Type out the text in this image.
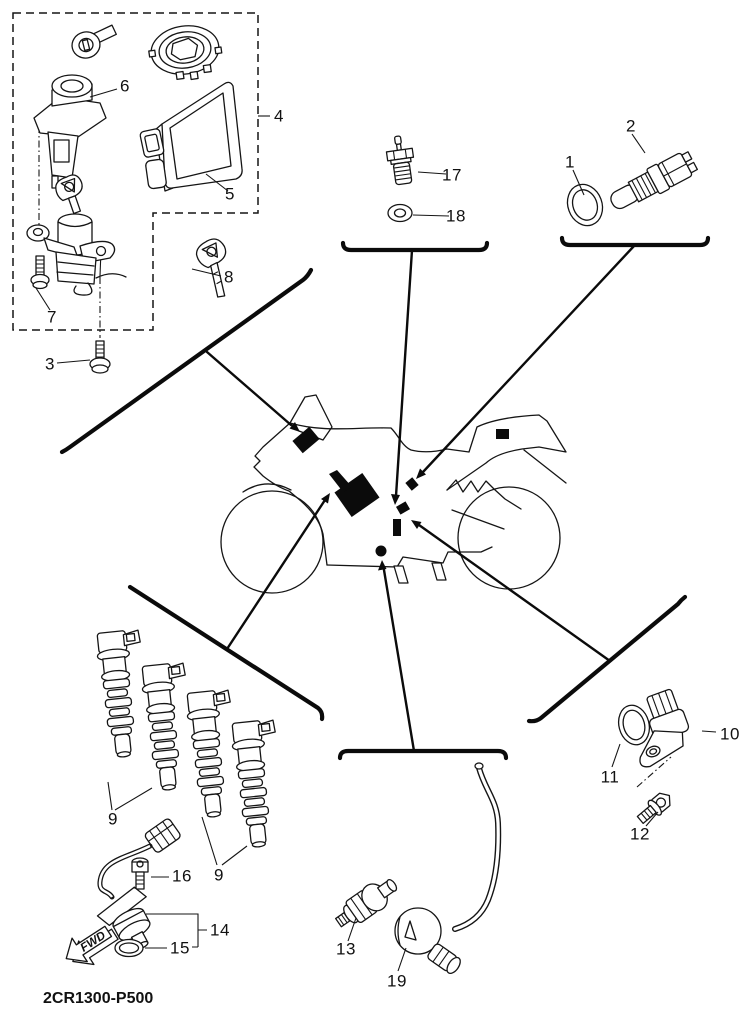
FWD
1
2
3
4
5
6
7
8
9
9
10
11
12
13
14
15
16
17
18
19
2CR1300-P500
